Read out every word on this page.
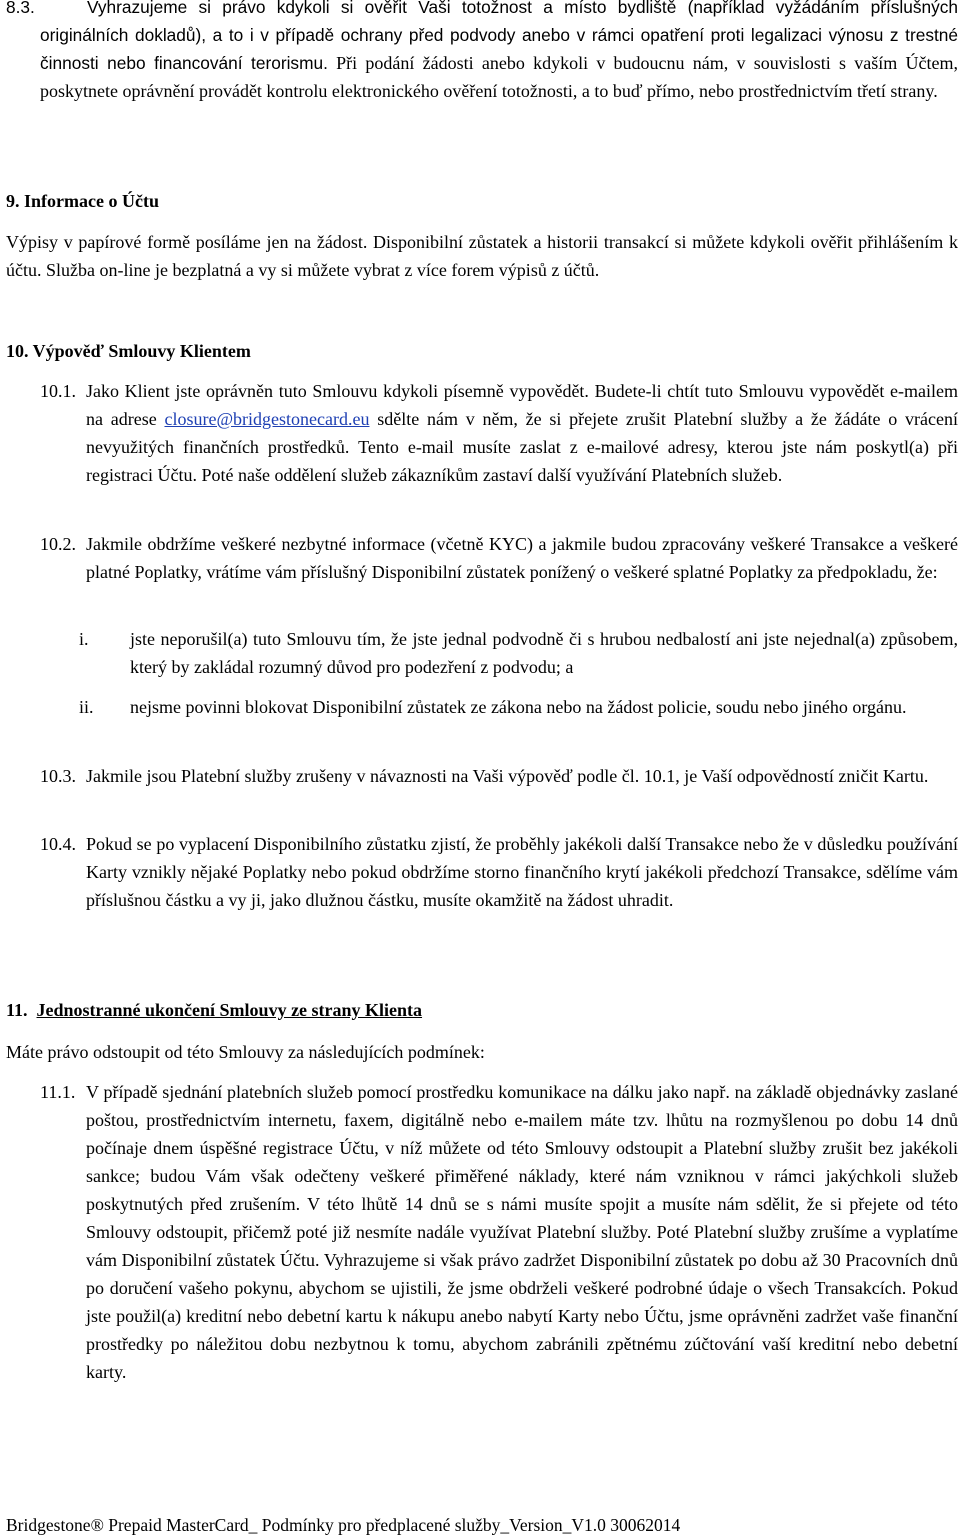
8.3.	Vyhrazujeme si právo kdykoli si ověřit Vaši totožnost a místo bydliště (například vyžádáním příslušných originálních dokladů), a to i v případě ochrany před podvody anebo v rámci opatření proti legalizaci výnosu z trestné činnosti nebo financování terorismu. Při podání žádosti anebo kdykoli v budoucnu nám, v souvislosti s vaším Účtem, poskytnete oprávnění provádět kontrolu elektronického ověření totožnosti, a to buď přímo, nebo prostřednictvím třetí strany.
9. Informace o Účtu
Výpisy v papírové formě posíláme jen na žádost. Disponibilní zůstatek a historii transakcí si můžete kdykoli ověřit přihlášením k účtu. Služba on-line je bezplatná a vy si můžete vybrat z více forem výpisů z účtů.
10. Výpověď Smlouvy Klientem
10.1. Jako Klient jste oprávněn tuto Smlouvu kdykoli písemně vypovědět. Budete-li chtít tuto Smlouvu vypovědět e-mailem na adrese closure@bridgestonecard.eu sdělte nám v něm, že si přejete zrušit Platební služby a že žádáte o vrácení nevyužitých finančních prostředků. Tento e-mail musíte zaslat z e-mailové adresy, kterou jste nám poskytl(a) při registraci Účtu. Poté naše oddělení služeb zákazníkům zastaví další využívání Platebních služeb.
10.2. Jakmile obdržíme veškeré nezbytné informace (včetně KYC) a jakmile budou zpracovány veškeré Transakce a veškeré platné Poplatky, vrátíme vám příslušný Disponibilní zůstatek ponížený o veškeré splatné Poplatky za předpokladu, že:
i. jste neporušil(a) tuto Smlouvu tím, že jste jednal podvodně či s hrubou nedbalostí ani jste nejednal(a) způsobem, který by zakládal rozumný důvod pro podezření z podvodu; a
ii. nejsme povinni blokovat Disponibilní zůstatek ze zákona nebo na žádost policie, soudu nebo jiného orgánu.
10.3. Jakmile jsou Platební služby zrušeny v návaznosti na Vaši výpověď podle čl. 10.1, je Vaší odpovědností zničit Kartu.
10.4. Pokud se po vyplacení Disponibilního zůstatku zjistí, že proběhly jakékoli další Transakce nebo že v důsledku používání Karty vznikly nějaké Poplatky nebo pokud obdržíme storno finančního krytí jakékoli předchozí Transakce, sdělíme vám příslušnou částku a vy ji, jako dlužnou částku, musíte okamžitě na žádost uhradit.
11. Jednostranné ukončení Smlouvy ze strany Klienta
Máte právo odstoupit od této Smlouvy za následujících podmínek:
11.1. V případě sjednání platebních služeb pomocí prostředku komunikace na dálku jako např. na základě objednávky zaslané poštou, prostřednictvím internetu, faxem, digitálně nebo e-mailem máte tzv. lhůtu na rozmyšlenou po dobu 14 dnů počínaje dnem úspěšné registrace Účtu, v níž můžete od této Smlouvy odstoupit a Platební služby zrušit bez jakékoli sankce; budou Vám však odečteny veškeré přiměřené náklady, které nám vzniknou v rámci jakýchkoli služeb poskytnutých před zrušením. V této lhůtě 14 dnů se s námi musíte spojit a musíte nám sdělit, že si přejete od této Smlouvy odstoupit, přičemž poté již nesmíte nadále využívat Platební služby. Poté Platební služby zrušíme a vyplatíme vám Disponibilní zůstatek Účtu. Vyhrazujeme si však právo zadržet Disponibilní zůstatek po dobu až 30 Pracovních dnů po doručení vašeho pokynu, abychom se ujistili, že jsme obdrželi veškeré podrobné údaje o všech Transakcích. Pokud jste použil(a) kreditní nebo debetní kartu k nákupu anebo nabytí Karty nebo Účtu, jsme oprávněni zadržet vaše finanční prostředky po náležitou dobu nezbytnou k tomu, abychom zabránili zpětnému zúčtování vaší kreditní nebo debetní karty.
Bridgestone® Prepaid MasterCard_ Podmínky pro předplacené služby_Version_V1.0 30062014
